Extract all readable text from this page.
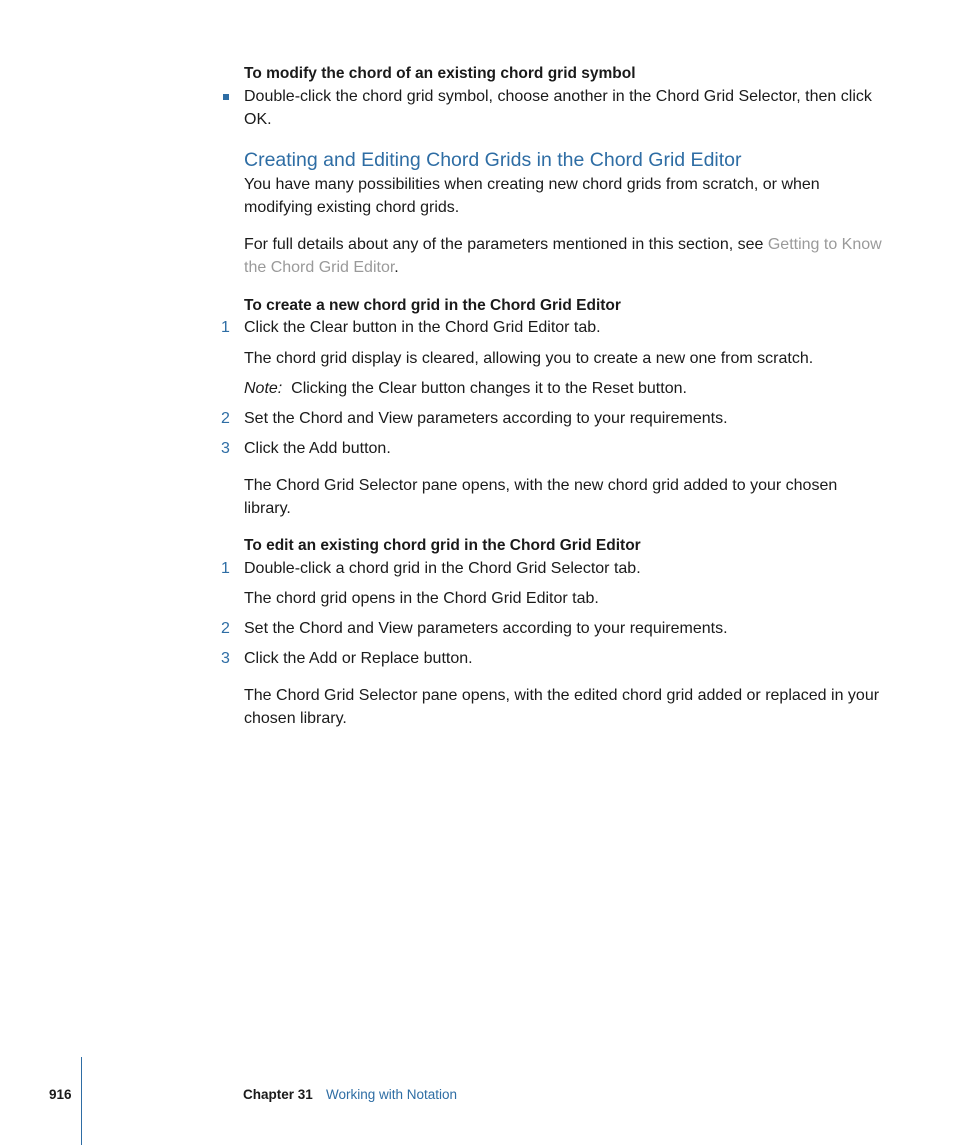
To modify the chord of an existing chord grid symbol

Double-click the chord grid symbol, choose another in the Chord Grid Selector, then click OK.

Creating and Editing Chord Grids in the Chord Grid Editor

You have many possibilities when creating new chord grids from scratch, or when modifying existing chord grids.

For full details about any of the parameters mentioned in this section, see Getting to Know the Chord Grid Editor.

To create a new chord grid in the Chord Grid Editor

1 Click the Clear button in the Chord Grid Editor tab.

The chord grid display is cleared, allowing you to create a new one from scratch.

Note: Clicking the Clear button changes it to the Reset button.

2 Set the Chord and View parameters according to your requirements.

3 Click the Add button.

The Chord Grid Selector pane opens, with the new chord grid added to your chosen library.

To edit an existing chord grid in the Chord Grid Editor

1 Double-click a chord grid in the Chord Grid Selector tab.

The chord grid opens in the Chord Grid Editor tab.

2 Set the Chord and View parameters according to your requirements.

3 Click the Add or Replace button.

The Chord Grid Selector pane opens, with the edited chord grid added or replaced in your chosen library.

916	Chapter 31 Working with Notation
